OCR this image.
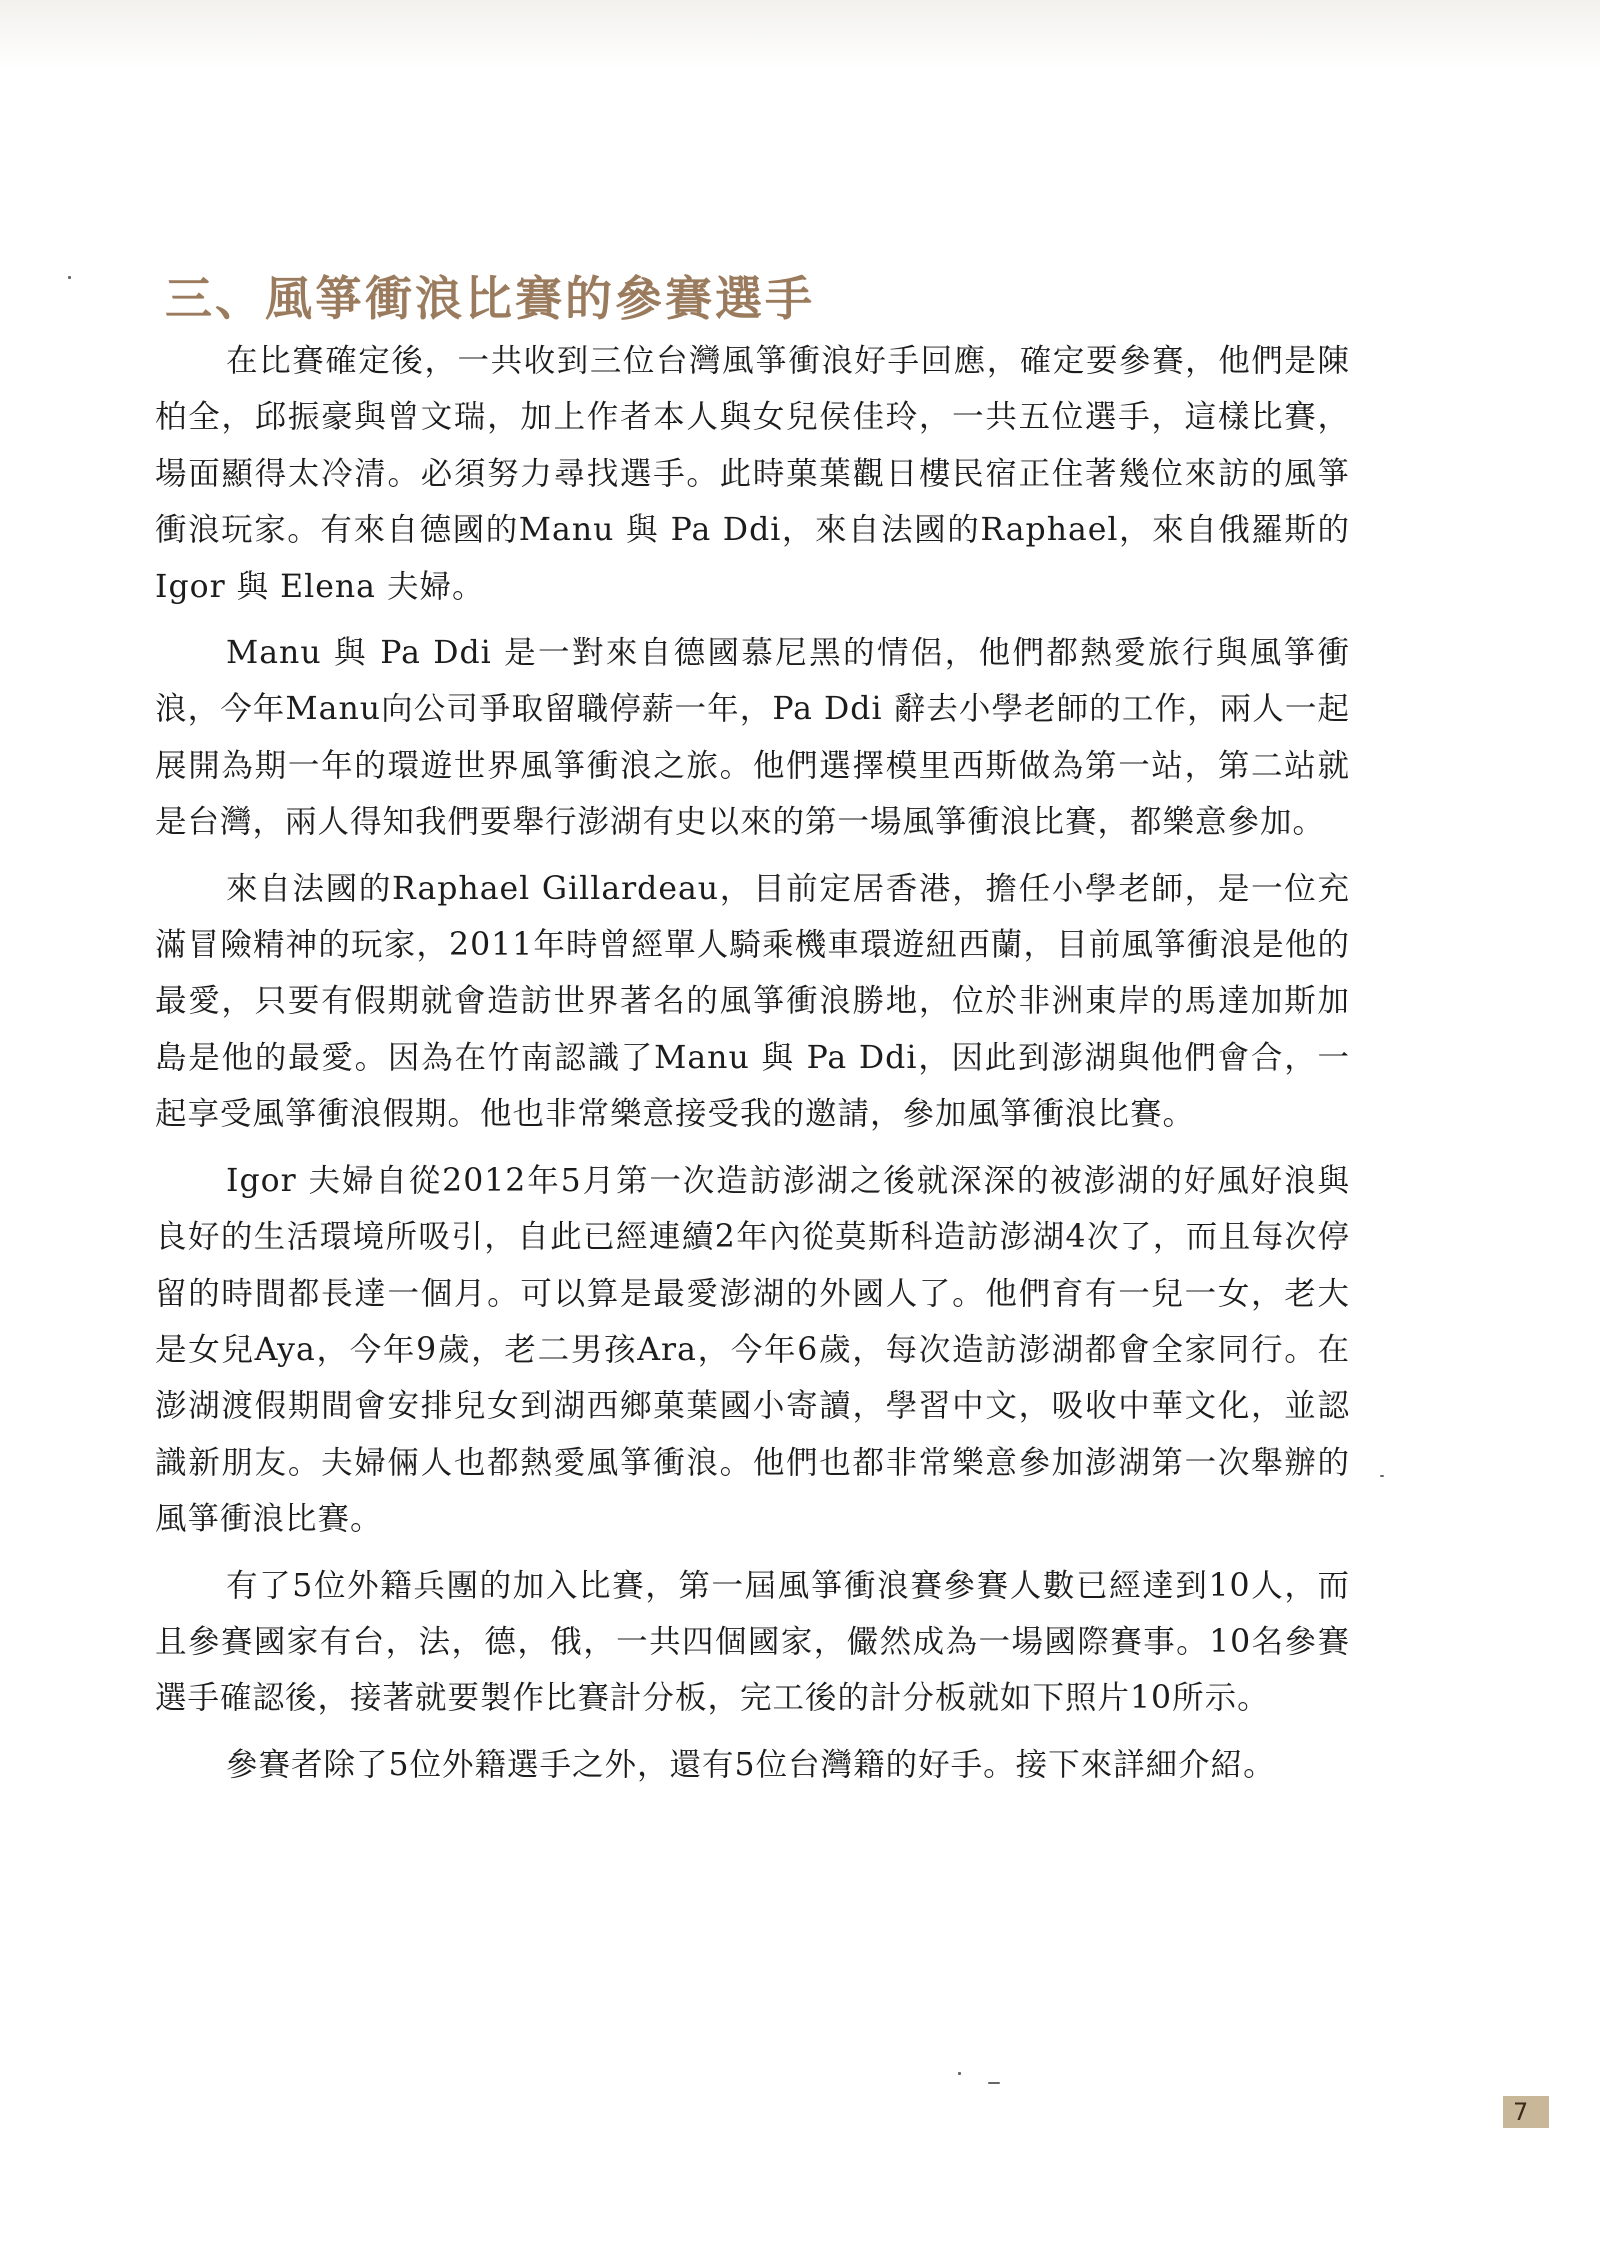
三、風箏衝浪比賽的參賽選手

在比賽確定後，一共收到三位台灣風箏衝浪好手回應，確定要參賽，他們是陳柏全，邱振豪與曾文瑞，加上作者本人與女兒侯佳玲，一共五位選手，這樣比賽，場面顯得太冷清。必須努力尋找選手。此時菓葉觀日樓民宿正住著幾位來訪的風箏衝浪玩家。有來自德國的Manu 與 Pa Ddi，來自法國的Raphael，來自俄羅斯的Igor 與 Elena 夫婦。

Manu 與 Pa Ddi 是一對來自德國慕尼黑的情侶，他們都熱愛旅行與風箏衝浪，今年Manu向公司爭取留職停薪一年，Pa Ddi 辭去小學老師的工作，兩人一起展開為期一年的環遊世界風箏衝浪之旅。他們選擇模里西斯做為第一站，第二站就是台灣，兩人得知我們要舉行澎湖有史以來的第一場風箏衝浪比賽，都樂意參加。

來自法國的Raphael Gillardeau，目前定居香港，擔任小學老師，是一位充滿冒險精神的玩家，2011年時曾經單人騎乘機車環遊紐西蘭，目前風箏衝浪是他的最愛，只要有假期就會造訪世界著名的風箏衝浪勝地，位於非洲東岸的馬達加斯加島是他的最愛。因為在竹南認識了Manu 與 Pa Ddi，因此到澎湖與他們會合，一起享受風箏衝浪假期。他也非常樂意接受我的邀請，參加風箏衝浪比賽。

Igor 夫婦自從2012年5月第一次造訪澎湖之後就深深的被澎湖的好風好浪與良好的生活環境所吸引，自此已經連續2年內從莫斯科造訪澎湖4次了，而且每次停留的時間都長達一個月。可以算是最愛澎湖的外國人了。他們育有一兒一女，老大是女兒Aya，今年9歲，老二男孩Ara，今年6歲，每次造訪澎湖都會全家同行。在澎湖渡假期間會安排兒女到湖西鄉菓葉國小寄讀，學習中文，吸收中華文化，並認識新朋友。夫婦倆人也都熱愛風箏衝浪。他們也都非常樂意參加澎湖第一次舉辦的風箏衝浪比賽。

有了5位外籍兵團的加入比賽，第一屆風箏衝浪賽參賽人數已經達到10人，而且參賽國家有台，法，德，俄，一共四個國家，儼然成為一場國際賽事。10名參賽選手確認後，接著就要製作比賽計分板，完工後的計分板就如下照片10所示。

參賽者除了5位外籍選手之外，還有5位台灣籍的好手。接下來詳細介紹。

7
